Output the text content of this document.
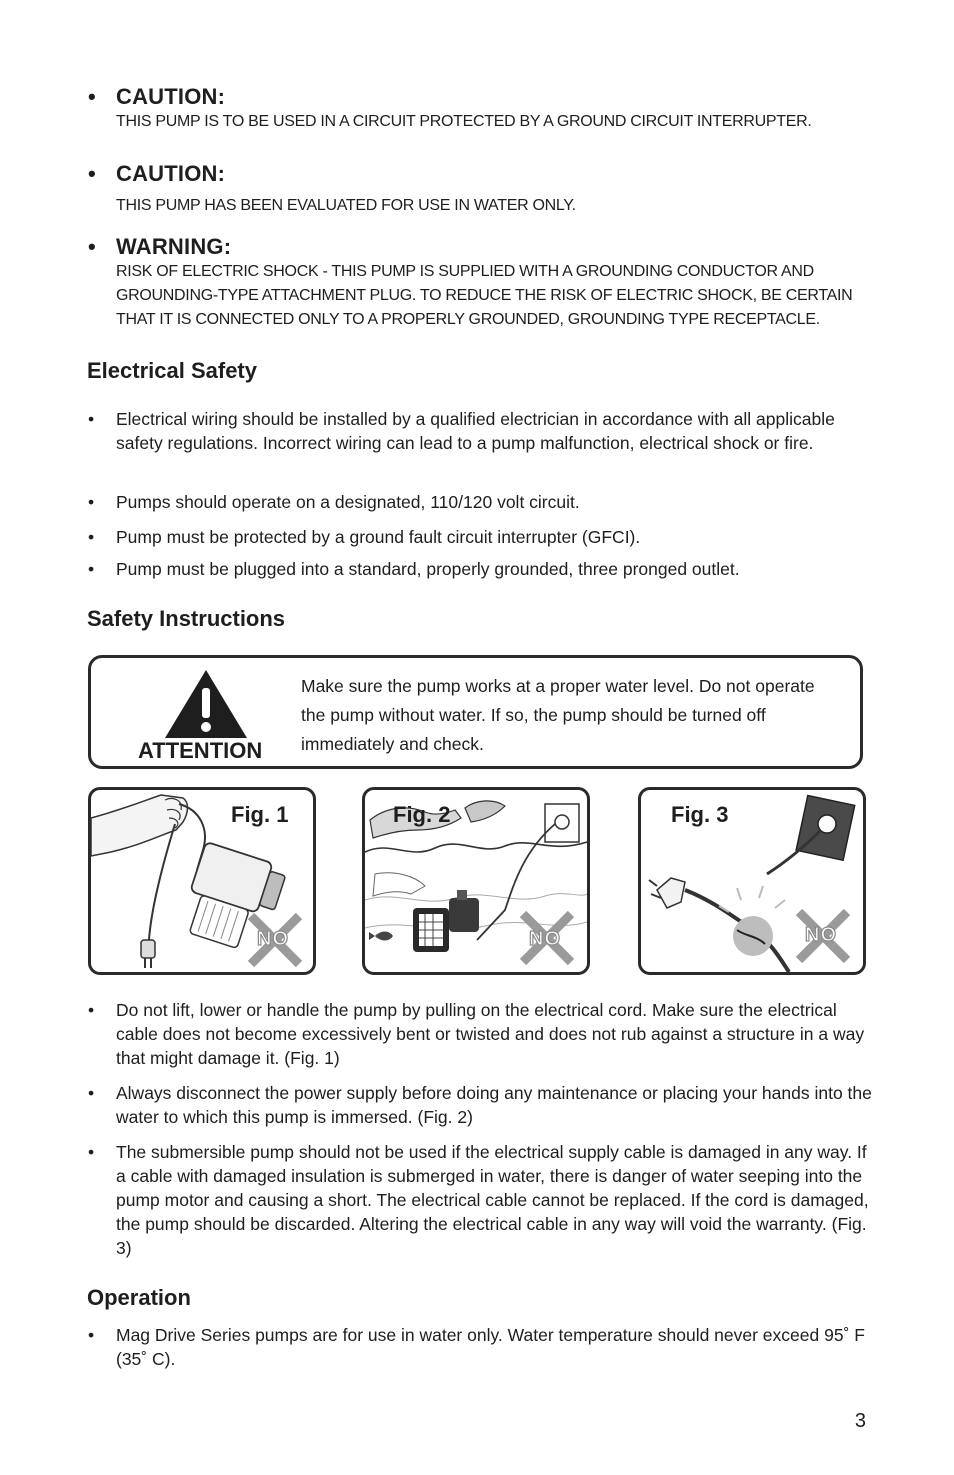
• CAUTION:
THIS PUMP IS TO BE USED IN A CIRCUIT PROTECTED BY A GROUND CIRCUIT INTERRUPTER.
• CAUTION:
THIS PUMP HAS BEEN EVALUATED FOR USE IN WATER ONLY.
• WARNING:
RISK OF ELECTRIC SHOCK - THIS PUMP IS SUPPLIED WITH A GROUNDING CONDUCTOR AND
GROUNDING-TYPE ATTACHMENT PLUG. TO REDUCE THE RISK OF ELECTRIC SHOCK, BE CERTAIN
THAT IT IS CONNECTED ONLY TO A PROPERLY GROUNDED, GROUNDING TYPE RECEPTACLE.
Electrical Safety
• Electrical wiring should be installed by a qualified electrician in accordance with all applicable safety regulations. Incorrect wiring can lead to a pump malfunction, electrical shock or fire.
• Pumps should operate on a designated, 110/120 volt circuit.
• Pump must be protected by a ground fault circuit interrupter (GFCI).
• Pump must be plugged into a standard, properly grounded, three pronged outlet.
Safety Instructions
ATTENTION
Make sure the pump works at a proper water level. Do not operate the pump without water. If so, the pump should be turned off immediately and check.
Fig. 1
NO
Fig. 2
NO
Fig. 3
NO
• Do not lift, lower or handle the pump by pulling on the electrical cord. Make sure the electrical cable does not become excessively bent or twisted and does not rub against a structure in a way that might damage it. (Fig. 1)
• Always disconnect the power supply before doing any maintenance or placing your hands into the water to which this pump is immersed. (Fig. 2)
• The submersible pump should not be used if the electrical supply cable is damaged in any way. If a cable with damaged insulation is submerged in water, there is danger of water seeping into the pump motor and causing a short. The electrical cable cannot be replaced. If the cord is damaged, the pump should be discarded. Altering the electrical cable in any way will void the warranty. (Fig. 3)
Operation
• Mag Drive Series pumps are for use in water only. Water temperature should never exceed 95˚ F (35˚ C).
3
